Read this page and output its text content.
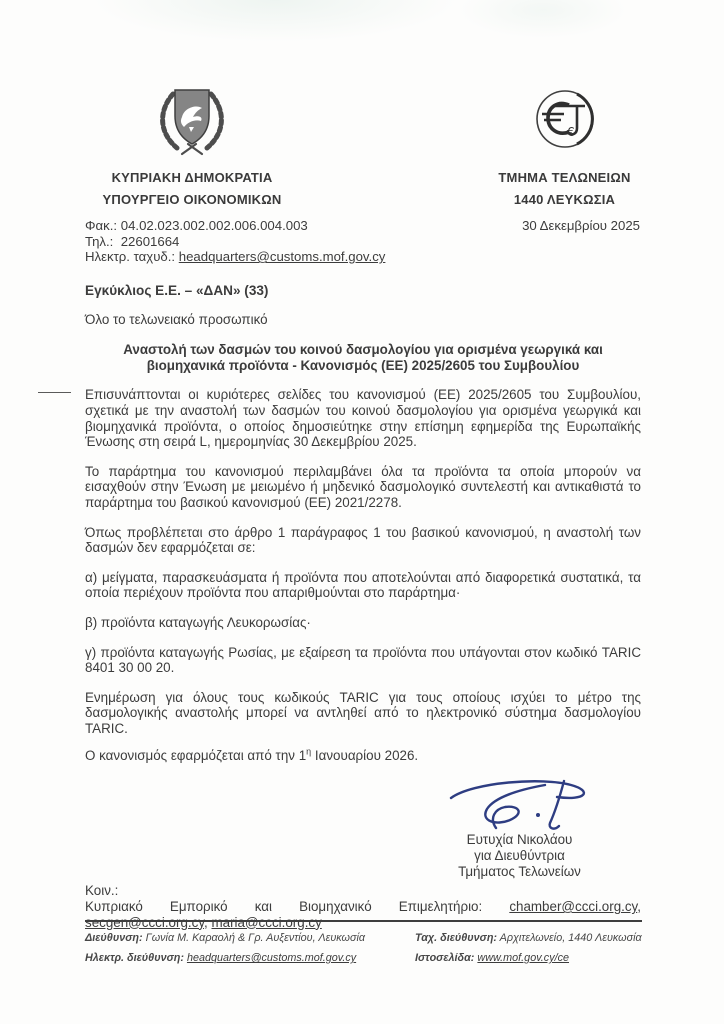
ΚΥΠΡΙΑΚΗ ΔΗΜΟΚΡΑΤΙΑ
ΥΠΟΥΡΓΕΙΟ ΟΙΚΟΝΟΜΙΚΩΝ
€
ΤΜΗΜΑ ΤΕΛΩΝΕΙΩΝ
1440 ΛΕΥΚΩΣΙΑ
Φακ.: 04.02.023.002.002.006.004.003
Τηλ.: 22601664
Ηλεκτρ. ταχυδ.: headquarters@customs.mof.gov.cy
30 Δεκεμβρίου 2025
Εγκύκλιος Ε.Ε. – «ΔΑΝ» (33)
Όλο το τελωνειακό προσωπικό
Αναστολή των δασμών του κοινού δασμολογίου για ορισμένα γεωργικά και βιομηχανικά προϊόντα - Κανονισμός (ΕΕ) 2025/2605 του Συμβουλίου

Επισυνάπτονται οι κυριότερες σελίδες του κανονισμού (ΕΕ) 2025/2605 του Συμβουλίου, σχετικά με την αναστολή των δασμών του κοινού δασμολογίου για ορισμένα γεωργικά και βιομηχανικά προϊόντα, ο οποίος δημοσιεύτηκε στην επίσημη εφημερίδα της Ευρωπαϊκής Ένωσης στη σειρά L, ημερομηνίας 30 Δεκεμβρίου 2025.

Το παράρτημα του κανονισμού περιλαμβάνει όλα τα προϊόντα τα οποία μπορούν να εισαχθούν στην Ένωση με μειωμένο ή μηδενικό δασμολογικό συντελεστή και αντικαθιστά το παράρτημα του βασικού κανονισμού (ΕΕ) 2021/2278.

Όπως προβλέπεται στο άρθρο 1 παράγραφος 1 του βασικού κανονισμού, η αναστολή των δασμών δεν εφαρμόζεται σε:

α) μείγματα, παρασκευάσματα ή προϊόντα που αποτελούνται από διαφορετικά συστατικά, τα οποία περιέχουν προϊόντα που απαριθμούνται στο παράρτημα·

β) προϊόντα καταγωγής Λευκορωσίας·

γ) προϊόντα καταγωγής Ρωσίας, με εξαίρεση τα προϊόντα που υπάγονται στον κωδικό TARIC 8401 30 00 20.

Ενημέρωση για όλους τους κωδικούς TARIC για τους οποίους ισχύει το μέτρο της δασμολογικής αναστολής μπορεί να αντληθεί από το ηλεκτρονικό σύστημα δασμολογίου TARIC.

Ο κανονισμός εφαρμόζεται από την $1^\eta$ Ιανουαρίου 2026.

Ευτυχία Νικολάου
για Διευθύντρια
Τμήματος Τελωνείων
Κοιν.:

Κυπριακό Εμπορικό και Βιομηχανικό Επιμελητήριο: chamber@ccci.org.cy, secgen@ccci.org.cy, maria@ccci.org.cy

Διεύθυνση: Γωνία Μ. Καραολή & Γρ. Αυξεντίου, Λευκωσία	Ταχ. διεύθυνση: Αρχιτελωνείο, 1440 Λευκωσία
Ηλεκτρ. διεύθυνση: headquarters@customs.mof.gov.cy	Ιστοσελίδα: www.mof.gov.cy/ce
